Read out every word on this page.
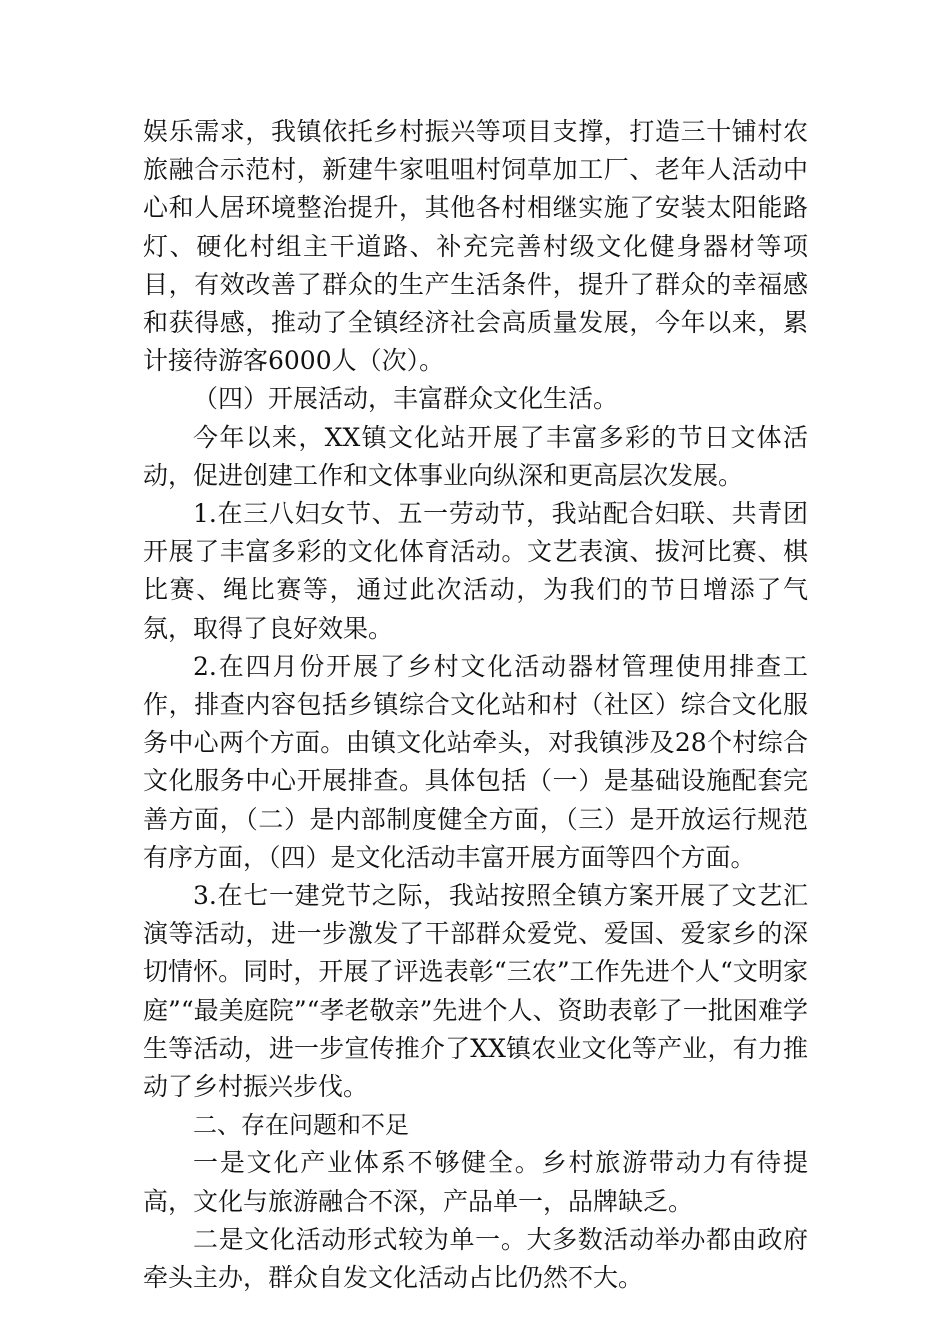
娱乐需求，我镇依托乡村振兴等项目支撑，打造三十铺村农旅融合示范村，新建牛家咀咀村饲草加工厂、老年人活动中心和人居环境整治提升，其他各村相继实施了安装太阳能路灯、硬化村组主干道路、补充完善村级文化健身器材等项目，有效改善了群众的生产生活条件，提升了群众的幸福感和获得感，推动了全镇经济社会高质量发展，今年以来，累计接待游客6000人（次）。

（四）开展活动，丰富群众文化生活。

今年以来，XX镇文化站开展了丰富多彩的节日文体活动，促进创建工作和文体事业向纵深和更高层次发展。

1.在三八妇女节、五一劳动节，我站配合妇联、共青团开展了丰富多彩的文化体育活动。文艺表演、拔河比赛、棋比赛、绳比赛等，通过此次活动，为我们的节日增添了气氛，取得了良好效果。

2.在四月份开展了乡村文化活动器材管理使用排查工作，排查内容包括乡镇综合文化站和村（社区）综合文化服务中心两个方面。由镇文化站牵头，对我镇涉及28个村综合文化服务中心开展排查。具体包括（一）是基础设施配套完善方面，（二）是内部制度健全方面，（三）是开放运行规范有序方面，（四）是文化活动丰富开展方面等四个方面。

3.在七一建党节之际，我站按照全镇方案开展了文艺汇演等活动，进一步激发了干部群众爱党、爱国、爱家乡的深切情怀。同时，开展了评选表彰“三农”工作先进个人“文明家庭”“最美庭院”“孝老敬亲”先进个人、资助表彰了一批困难学生等活动，进一步宣传推介了XX镇农业文化等产业，有力推动了乡村振兴步伐。

二、存在问题和不足

一是文化产业体系不够健全。乡村旅游带动力有待提高，文化与旅游融合不深，产品单一，品牌缺乏。

二是文化活动形式较为单一。大多数活动举办都由政府牵头主办，群众自发文化活动占比仍然不大。
